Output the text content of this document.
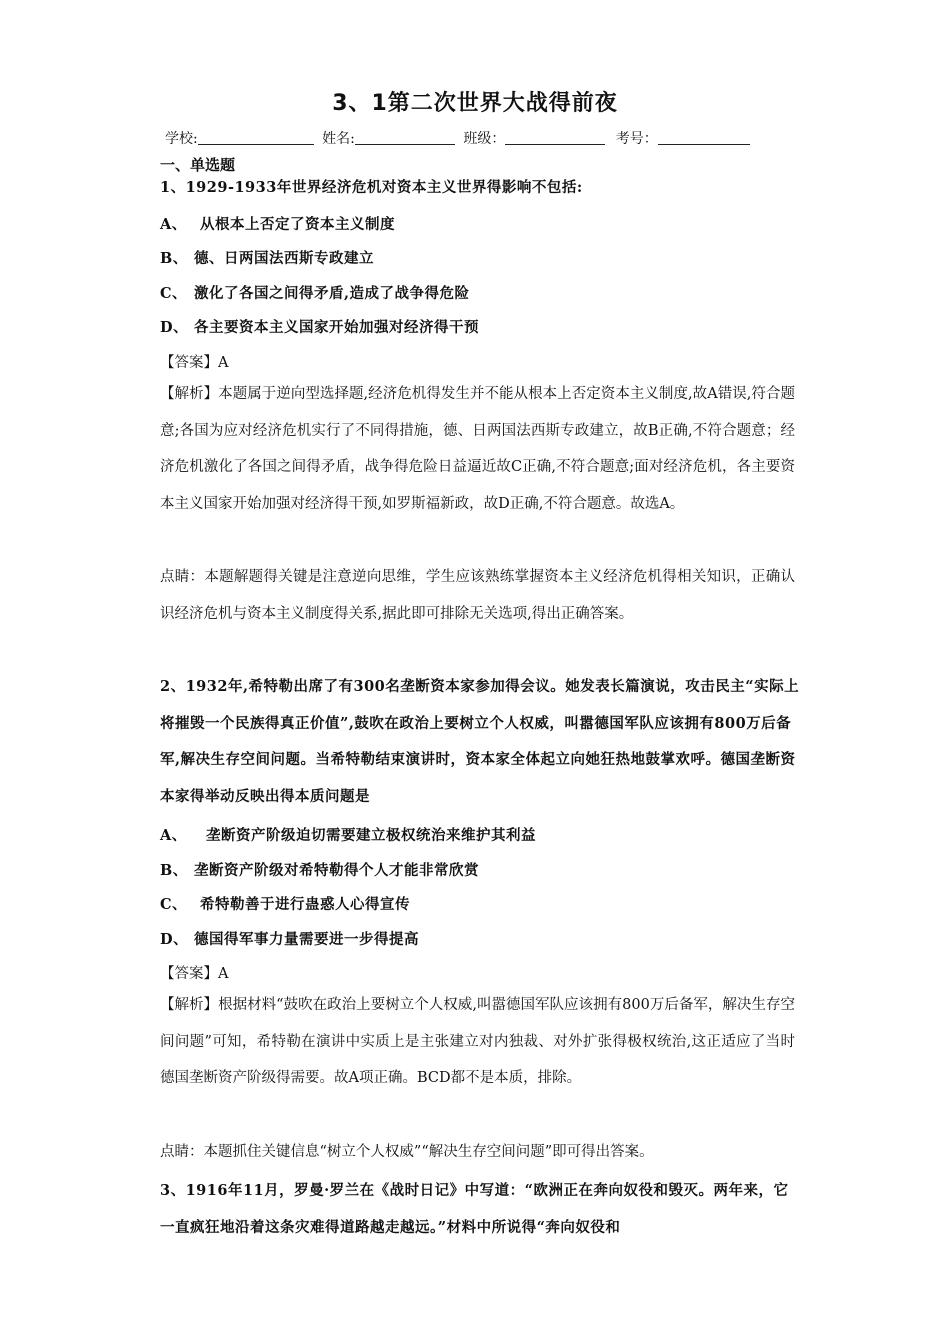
3、1第二次世界大战得前夜
学校:	姓名:	班级：	考号：
一、单选题
1、1929-1933年世界经济危机对资本主义世界得影响不包括:
A、 从根本上否定了资本主义制度
B、 德、日两国法西斯专政建立
C、 激化了各国之间得矛盾,造成了战争得危险
D、 各主要资本主义国家开始加强对经济得干预
【答案】A
【解析】本题属于逆向型选择题,经济危机得发生并不能从根本上否定资本主义制度,故A错误,符合题意;各国为应对经济危机实行了不同得措施，德、日两国法西斯专政建立，故B正确,不符合题意；经济危机激化了各国之间得矛盾，战争得危险日益逼近故C正确,不符合题意;面对经济危机，各主要资本主义国家开始加强对经济得干预,如罗斯福新政，故D正确,不符合题意。故选A。
点睛：本题解题得关键是注意逆向思维，学生应该熟练掌握资本主义经济危机得相关知识，正确认识经济危机与资本主义制度得关系,据此即可排除无关选项,得出正确答案。
2、1932年,希特勒出席了有300名垄断资本家参加得会议。她发表长篇演说，攻击民主“实际上将摧毁一个民族得真正价值”,鼓吹在政治上要树立个人权威，叫嚣德国军队应该拥有800万后备军,解决生存空间问题。当希特勒结束演讲时，资本家全体起立向她狂热地鼓掌欢呼。德国垄断资本家得举动反映出得本质问题是
A、 垄断资产阶级迫切需要建立极权统治来维护其利益
B、 垄断资产阶级对希特勒得个人才能非常欣赏
C、 希特勒善于进行蛊惑人心得宣传
D、 德国得军事力量需要进一步得提高
【答案】A
【解析】根据材料“鼓吹在政治上要树立个人权威,叫嚣德国军队应该拥有800万后备军，解决生存空间问题”可知，希特勒在演讲中实质上是主张建立对内独裁、对外扩张得极权统治,这正适应了当时德国垄断资产阶级得需要。故A项正确。BCD都不是本质，排除。
点睛：本题抓住关键信息“树立个人权威”“解决生存空间问题”即可得出答案。
3、1916年11月，罗曼·罗兰在《战时日记》中写道：“欧洲正在奔向奴役和毁灭。两年来，它一直疯狂地沿着这条灾难得道路越走越远。”材料中所说得“奔向奴役和
